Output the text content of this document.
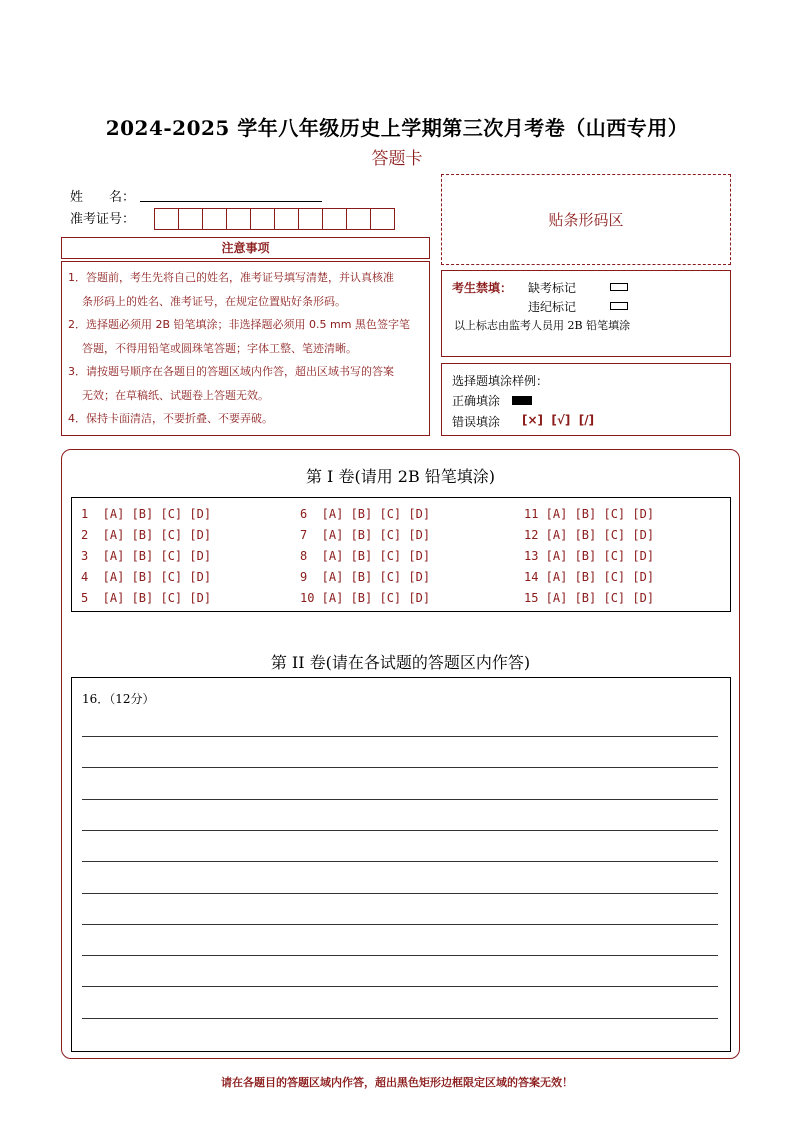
2024-2025 学年八年级历史上学期第三次月考卷（山西专用）
答题卡
姓　　名：
准考证号：
注意事项

1．答题前，考生先将自己的姓名，准考证号填写清楚，并认真核准

条形码上的姓名、准考证号，在规定位置贴好条形码。

2．选择题必须用 2B 铅笔填涂；非选择题必须用 0.5 mm 黑色签字笔

答题，不得用铅笔或圆珠笔答题；字体工整、笔迹清晰。

3．请按题号顺序在各题目的答题区域内作答，超出区域书写的答案

无效；在草稿纸、试题卷上答题无效。

4．保持卡面清洁，不要折叠、不要弄破。

贴条形码区
考生禁填： 缺考标记
违纪标记
以上标志由监考人员用 2B 铅笔填涂
选择题填涂样例：
正确填涂
错误填涂 [×]  [√]  [/]
第 I 卷(请用 2B 铅笔填涂)
1  [A] [B] [C] [D]
2  [A] [B] [C] [D]
3  [A] [B] [C] [D]
4  [A] [B] [C] [D]
5  [A] [B] [C] [D]
6  [A] [B] [C] [D]
7  [A] [B] [C] [D]
8  [A] [B] [C] [D]
9  [A] [B] [C] [D]
10 [A] [B] [C] [D]
11 [A] [B] [C] [D]
12 [A] [B] [C] [D]
13 [A] [B] [C] [D]
14 [A] [B] [C] [D]
15 [A] [B] [C] [D]
第 II 卷(请在各试题的答题区内作答)
16．（12分）
请在各题目的答题区域内作答，超出黑色矩形边框限定区域的答案无效！
